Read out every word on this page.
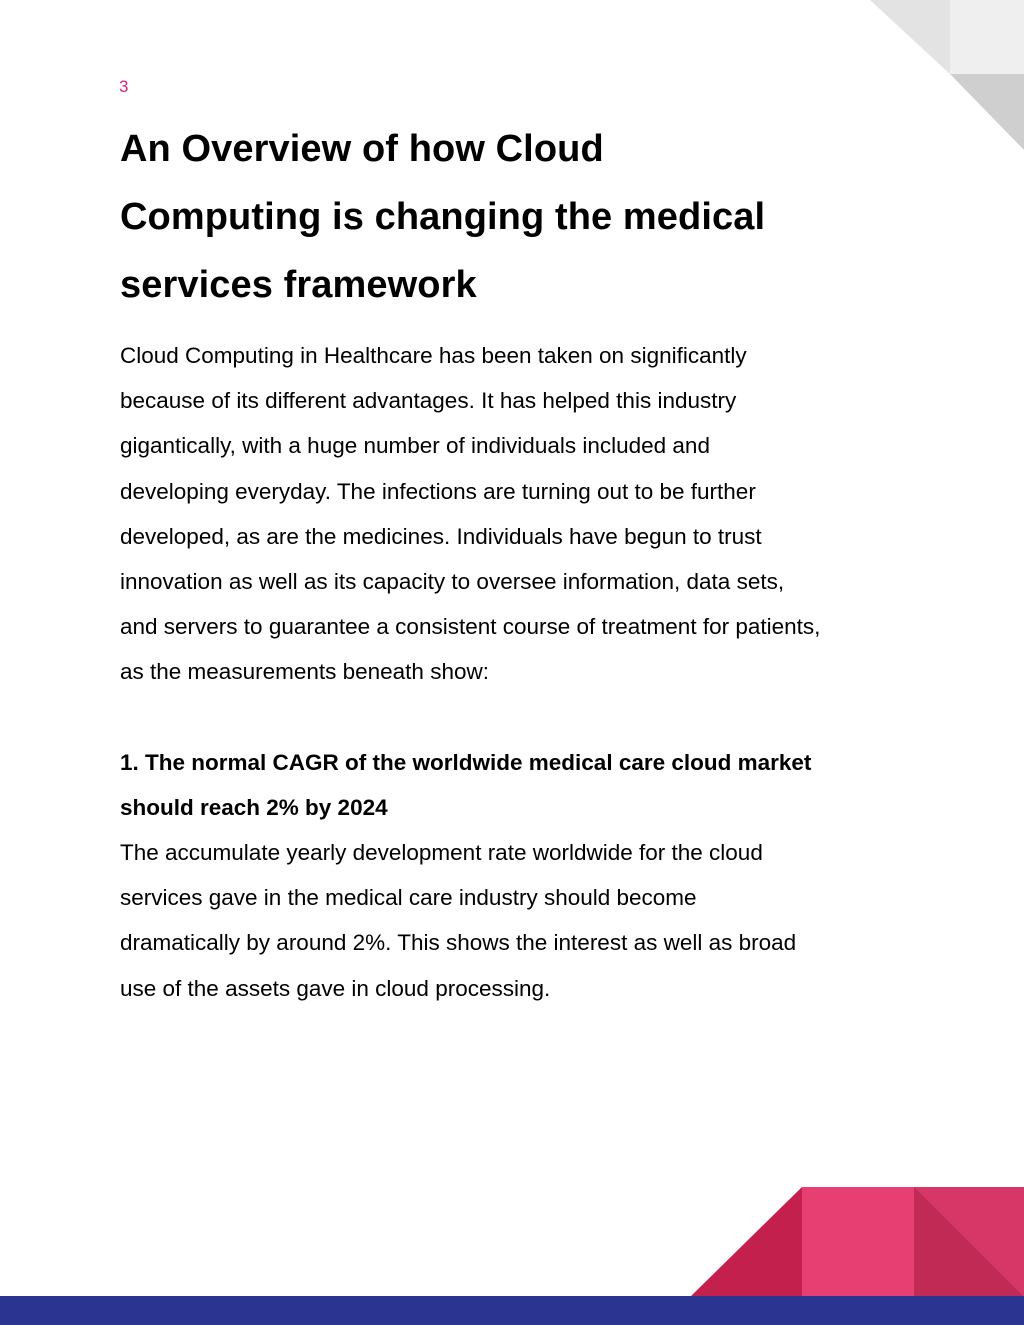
3
An Overview of how Cloud
Computing is changing the medical
services framework
Cloud Computing in Healthcare has been taken on significantly
because of its different advantages. It has helped this industry
gigantically, with a huge number of individuals included and
developing everyday. The infections are turning out to be further
developed, as are the medicines. Individuals have begun to trust
innovation as well as its capacity to oversee information, data sets,
and servers to guarantee a consistent course of treatment for patients,
as the measurements beneath show:
1. The normal CAGR of the worldwide medical care cloud market
should reach 2% by 2024
The accumulate yearly development rate worldwide for the cloud
services gave in the medical care industry should become
dramatically by around 2%. This shows the interest as well as broad
use of the assets gave in cloud processing.
